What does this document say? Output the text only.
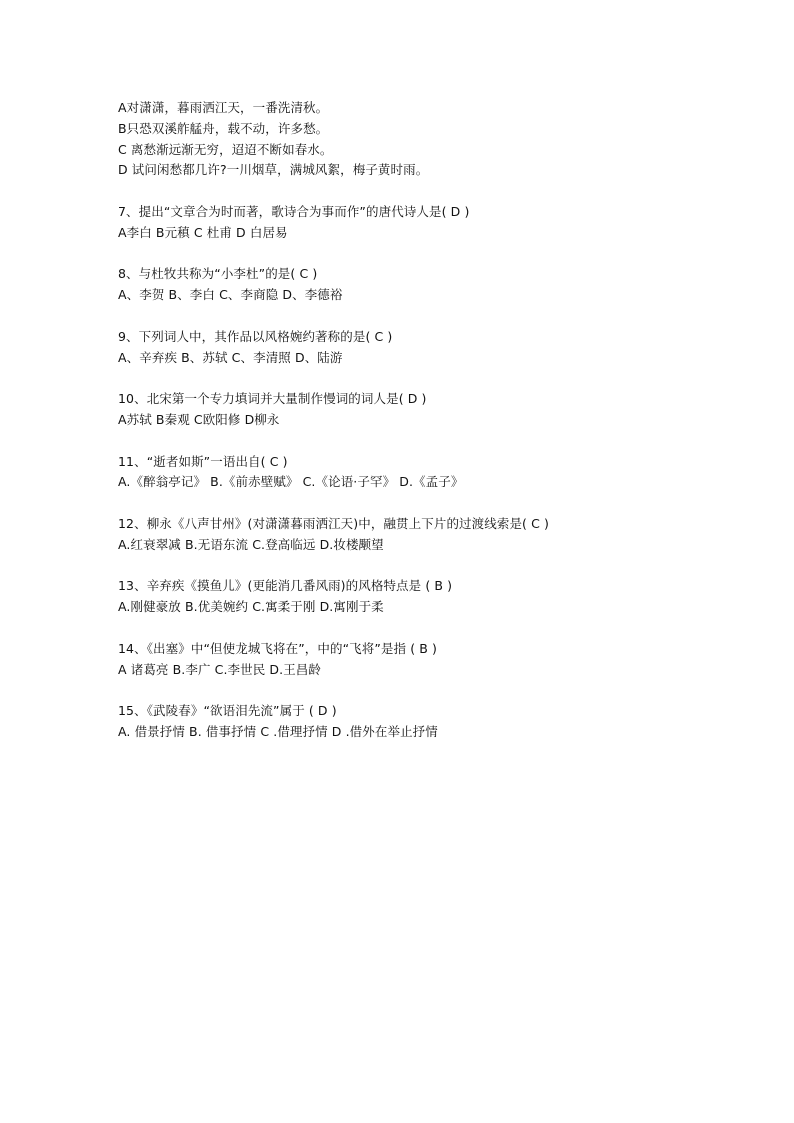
A对潇潇，暮雨洒江天，一番洗清秋。
B只恐双溪舴艋舟，载不动，许多愁。
C 离愁渐远渐无穷，迢迢不断如春水。
D 试问闲愁都几许?一川烟草，满城风絮，梅子黄时雨。
7、提出“文章合为时而著，歌诗合为事而作”的唐代诗人是( D )
A李白 B元稹 C 杜甫 D 白居易
8、与杜牧共称为“小李杜”的是( C )
A、李贺 B、李白 C、李商隐 D、李德裕
9、下列词人中，其作品以风格婉约著称的是( C )
A、辛弃疾 B、苏轼 C、李清照 D、陆游
10、北宋第一个专力填词并大量制作慢词的词人是( D )
A苏轼 B秦观 C欧阳修 D柳永
11、“逝者如斯”一语出自( C )
A.《醉翁亭记》 B.《前赤壁赋》 C.《论语·子罕》 D.《孟子》
12、柳永《八声甘州》(对潇潇暮雨洒江天)中，融贯上下片的过渡线索是( C )
A.红衰翠减 B.无语东流 C.登高临远 D.妆楼颙望
13、辛弃疾《摸鱼儿》(更能消几番风雨)的风格特点是 ( B )
A.刚健豪放 B.优美婉约 C.寓柔于刚 D.寓刚于柔
14、《出塞》中“但使龙城飞将在”，中的“飞将”是指 ( B )
A 诸葛亮 B.李广 C.李世民 D.王昌龄
15、《武陵春》“欲语泪先流”属于 ( D )
A. 借景抒情 B. 借事抒情 C .借理抒情 D .借外在举止抒情
